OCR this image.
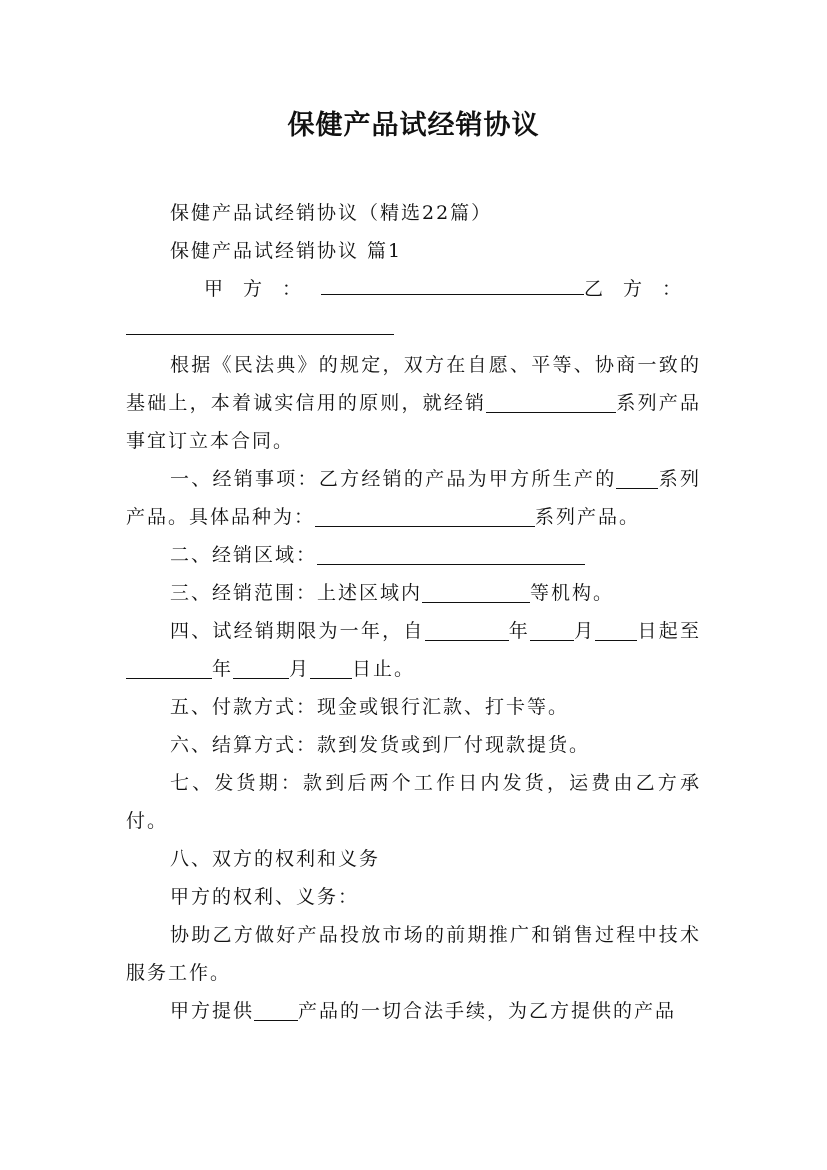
保健产品试经销协议

保健产品试经销协议（精选22篇）

保健产品试经销协议 篇1

甲方：	乙方：

根据《民法典》的规定，双方在自愿、平等、协商一致的基础上，本着诚实信用的原则，就经销	系列产品事宜订立本合同。

一、经销事项：乙方经销的产品为甲方所生产的 系列产品。具体品种为：	系列产品。

二、经销区域：

三、经销范围：上述区域内	等机构。

四、试经销期限为一年，自	年 月 日起至年	月 日止。

五、付款方式：现金或银行汇款、打卡等。

六、结算方式：款到发货或到厂付现款提货。

七、发货期：款到后两个工作日内发货，运费由乙方承付。

八、双方的权利和义务

甲方的权利、义务：

协助乙方做好产品投放市场的前期推广和销售过程中技术服务工作。

甲方提供 产品的一切合法手续，为乙方提供的产品
